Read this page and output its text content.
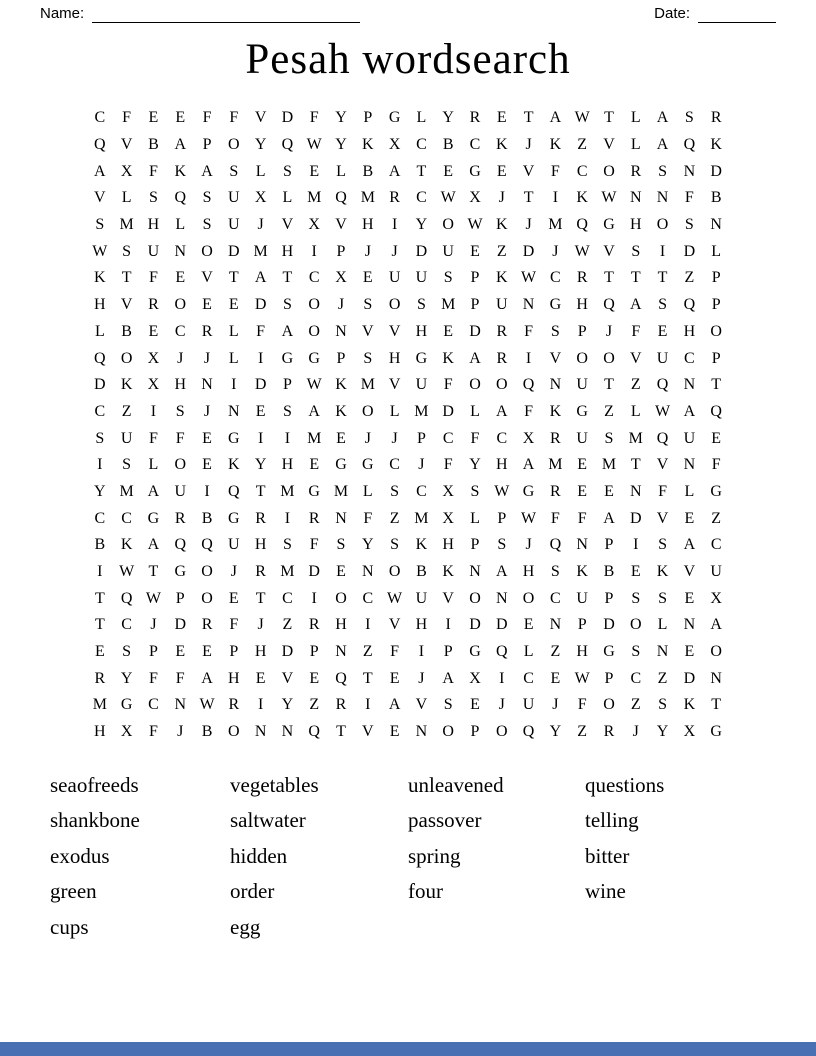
Name:	Date:
Pesah wordsearch
C	F	E	E	F	F	V D	F	Y	P	G	L	Y R	E	T	A W T	L	A	S	R
Q V B A	P	O Y Q W Y K X C	B	C K	J	K	Z	V	L	A Q K
A X	F	K A	S	L	S	E	L	B A	T	E	G	E	V	F	C O R	S	N D
V	L	S	Q	S	U X	L M Q M R	C W X	J	T	I	K W N N	F	B
S M H	L	S	U	J	V X V H	I	Y O W K	J	M Q G H O	S	N
W S	U N O D M H	I	P	J	J	D U	E	Z	D	J	W V	S	I	D	L
K	T	F	E	V	T	A	T	C X	E	U U	S	P	K W C	R	T	T	T	Z	P
H V R O	E	E	D	S	O	J	S	O	S M P	U N G H Q A	S	Q	P
L	B	E	C	R	L	F	A O N V V H	E	D R	F	S	P	J	F	E	H O
Q O X	J	J	L	I	G G	P	S	H G K A R	I	V O O V U C	P
D K X H N	I	D	P W K M V U	F	O O Q N U	T	Z	Q N	T
C	Z	I	S	J	N	E	S	A K O	L M D	L	A	F	K G	Z	L W A Q
S	U	F	F	E	G	I	I	M E	J	J	P	C	F	C X R U	S M Q U	E
I	S	L	O	E	K Y H	E	G G C	J	F	Y H A M E M T	V N	F
Y M A U	I	Q	T M G M L	S	C X	S W G R	E	E	N	F	L	G
C	C G R	B G R	I	R N	F	Z M X	L	P W F	F	A D V	E	Z
B K A Q Q U H	S	F	S	Y	S	K H	P	S	J	Q N	P	I	S	A C
I	W T	G O	J	R M D	E	N O B K N A H	S	K B	E	K V U
T	Q W P	O	E	T	C	I	O C W U V O N O C U	P	S	S	E	X
T	C	J	D R	F	J	Z	R H	I	V H	I	D D	E	N	P	D O	L	N A
E	S	P	E	E	P	H D	P	N	Z	F	I	P	G Q	L	Z	H G	S	N	E	O
R Y	F	F	A H	E	V	E	Q	T	E	J	A X	I	C	E W P	C	Z	D N
M G C N W R	I	Y	Z	R	I	A V	S	E	J	U	J	F	O	Z	S	K	T
H X	F	J	B O N N Q	T	V	E	N O	P	O Q Y	Z	R	J	Y X G
seaofreeds
shankbone
exodus
green
cups
vegetables
saltwater
hidden
order
egg
unleavened
passover
spring
four
questions
telling
bitter
wine
